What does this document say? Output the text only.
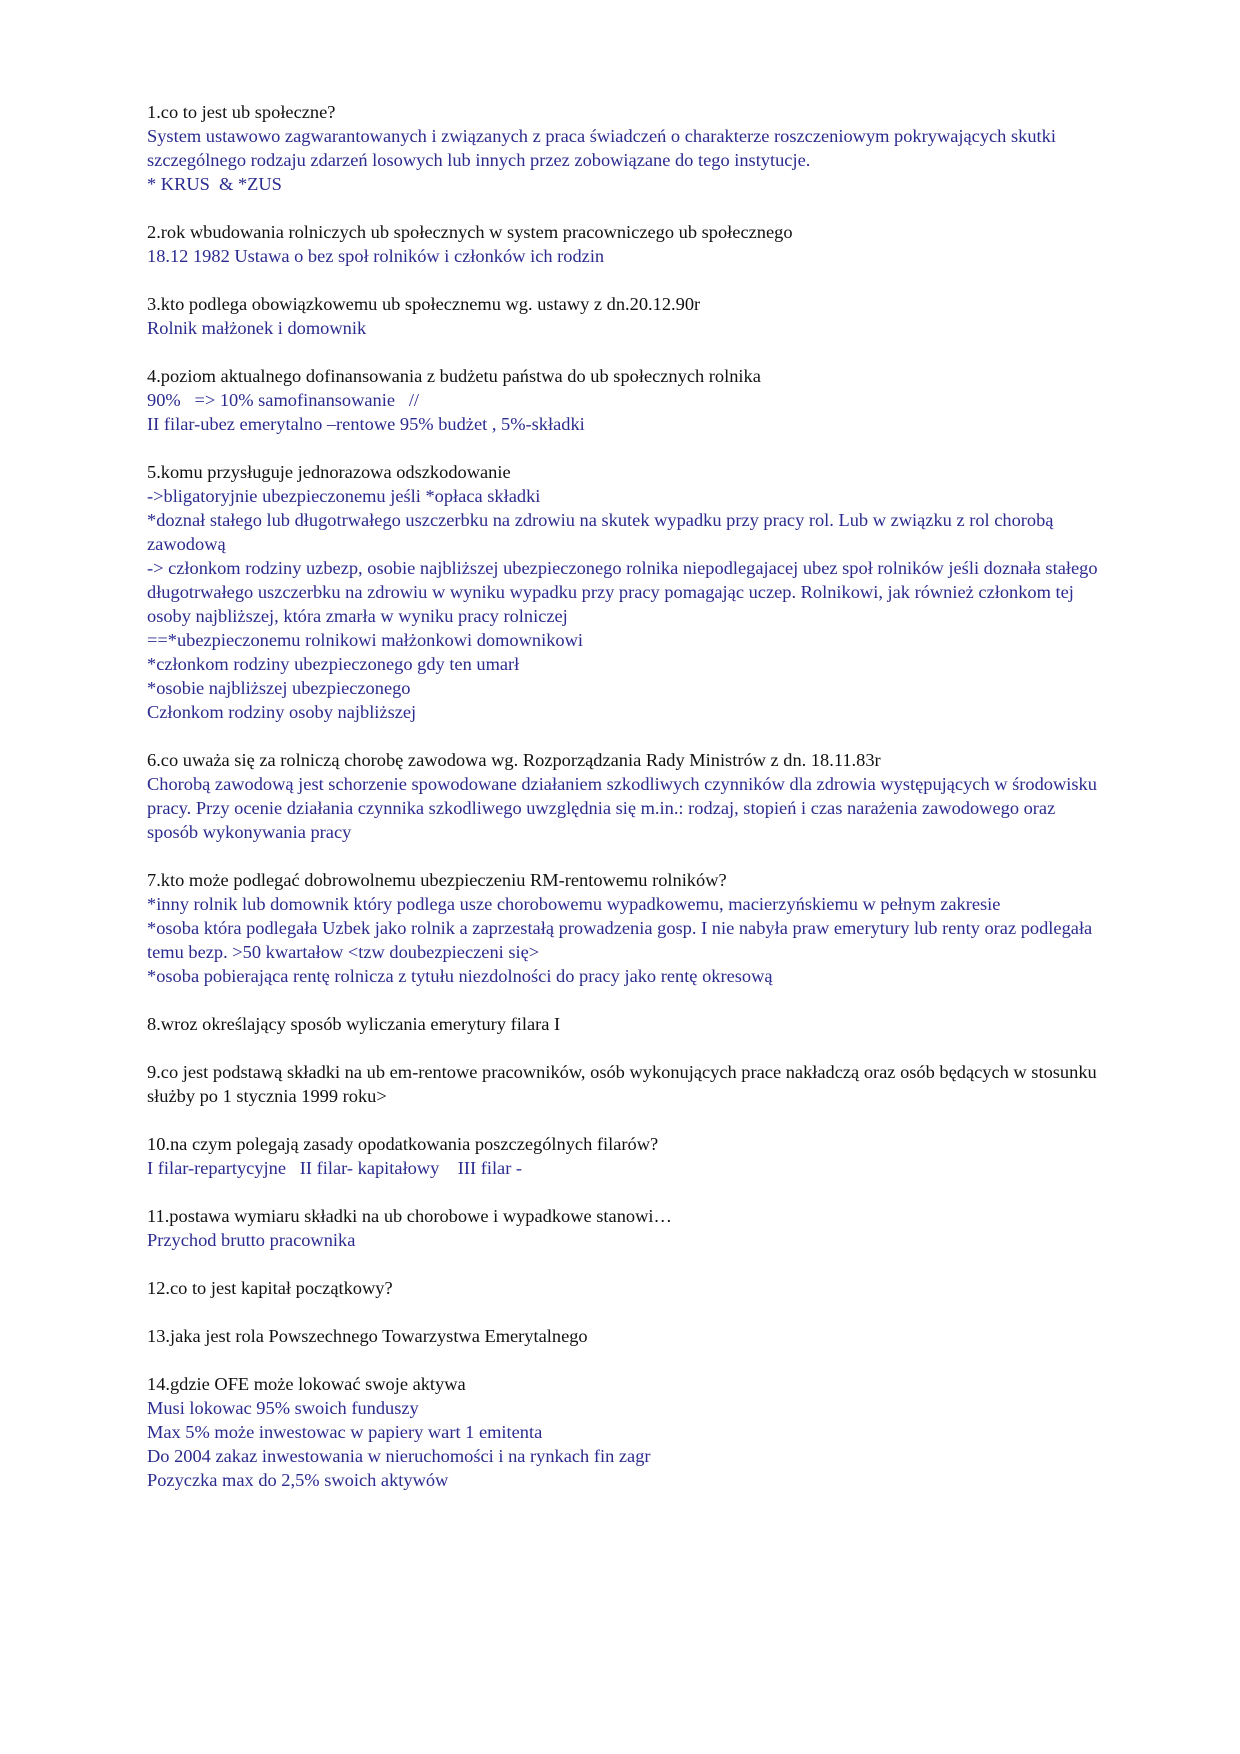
1.co to jest ub społeczne?
System ustawowo zagwarantowanych i związanych z praca świadczeń o charakterze roszczeniowym pokrywających skutki szczególnego rodzaju zdarzeń losowych lub innych przez zobowiązane do tego instytucje.
* KRUS  & *ZUS
2.rok wbudowania rolniczych ub społecznych w system pracowniczego ub społecznego
18.12 1982 Ustawa o bez społ rolników i członków ich rodzin
3.kto podlega obowiązkowemu ub społecznemu wg. ustawy z dn.20.12.90r
Rolnik małżonek i domownik
4.poziom aktualnego dofinansowania z budżetu państwa do ub społecznych rolnika
90%   => 10% samofinansowanie   //
II filar-ubez emerytalno –rentowe 95% budżet , 5%-składki
5.komu przysługuje jednorazowa odszkodowanie
->bligatoryjnie ubezpieczonemu jeśli *opłaca składki
*doznał stałego lub długotrwałego uszczerbku na zdrowiu na skutek wypadku przy pracy rol. Lub w związku z rol chorobą zawodową
-> członkom rodziny uzbezp, osobie najbliższej ubezpieczonego rolnika niepodlegajacej ubez społ rolników jeśli doznała stałego długotrwałego uszczerbku na zdrowiu w wyniku wypadku przy pracy pomagając uczep. Rolnikowi, jak również członkom tej osoby najbliższej, która zmarła w wyniku pracy rolniczej
==*ubezpieczonemu rolnikowi małżonkowi domownikowi
*członkom rodziny ubezpieczonego gdy ten umarł
*osobie najbliższej ubezpieczonego
Członkom rodziny osoby najbliższej
6.co uważa się za rolniczą chorobę zawodowa wg. Rozporządzania Rady Ministrów z dn. 18.11.83r
Chorobą zawodową jest schorzenie spowodowane działaniem szkodliwych czynników dla zdrowia występujących w środowisku pracy. Przy ocenie działania czynnika szkodliwego uwzględnia się m.in.: rodzaj, stopień i czas narażenia zawodowego oraz sposób wykonywania pracy
7.kto może podlegać dobrowolnemu ubezpieczeniu RM-rentowemu rolników?
*inny rolnik lub domownik który podlega usze chorobowemu wypadkowemu, macierzyńskiemu w pełnym zakresie
*osoba która podlegała Uzbek jako rolnik a zaprzestałą prowadzenia gosp. I nie nabyła praw emerytury lub renty oraz podlegała temu bezp. >50 kwartałow <tzw doubezpieczeni się>
*osoba pobierająca rentę rolnicza z tytułu niezdolności do pracy jako rentę okresową
8.wroz określający sposób wyliczania emerytury filara I
9.co jest podstawą składki na ub em-rentowe pracowników, osób wykonujących prace nakładczą oraz osób będących w stosunku służby po 1 stycznia 1999 roku>
10.na czym polegają zasady opodatkowania poszczególnych filarów?
I filar-repartycyjne   II filar- kapitałowy    III filar -
11.postawa wymiaru składki na ub chorobowe i wypadkowe stanowi…
Przychod brutto pracownika
12.co to jest kapitał początkowy?
13.jaka jest rola Powszechnego Towarzystwa Emerytalnego
14.gdzie OFE może lokować swoje aktywa
Musi lokowac 95% swoich funduszy
Max 5% może inwestowac w papiery wart 1 emitenta
Do 2004 zakaz inwestowania w nieruchomości i na rynkach fin zagr
Pozyczka max do 2,5% swoich aktywów
